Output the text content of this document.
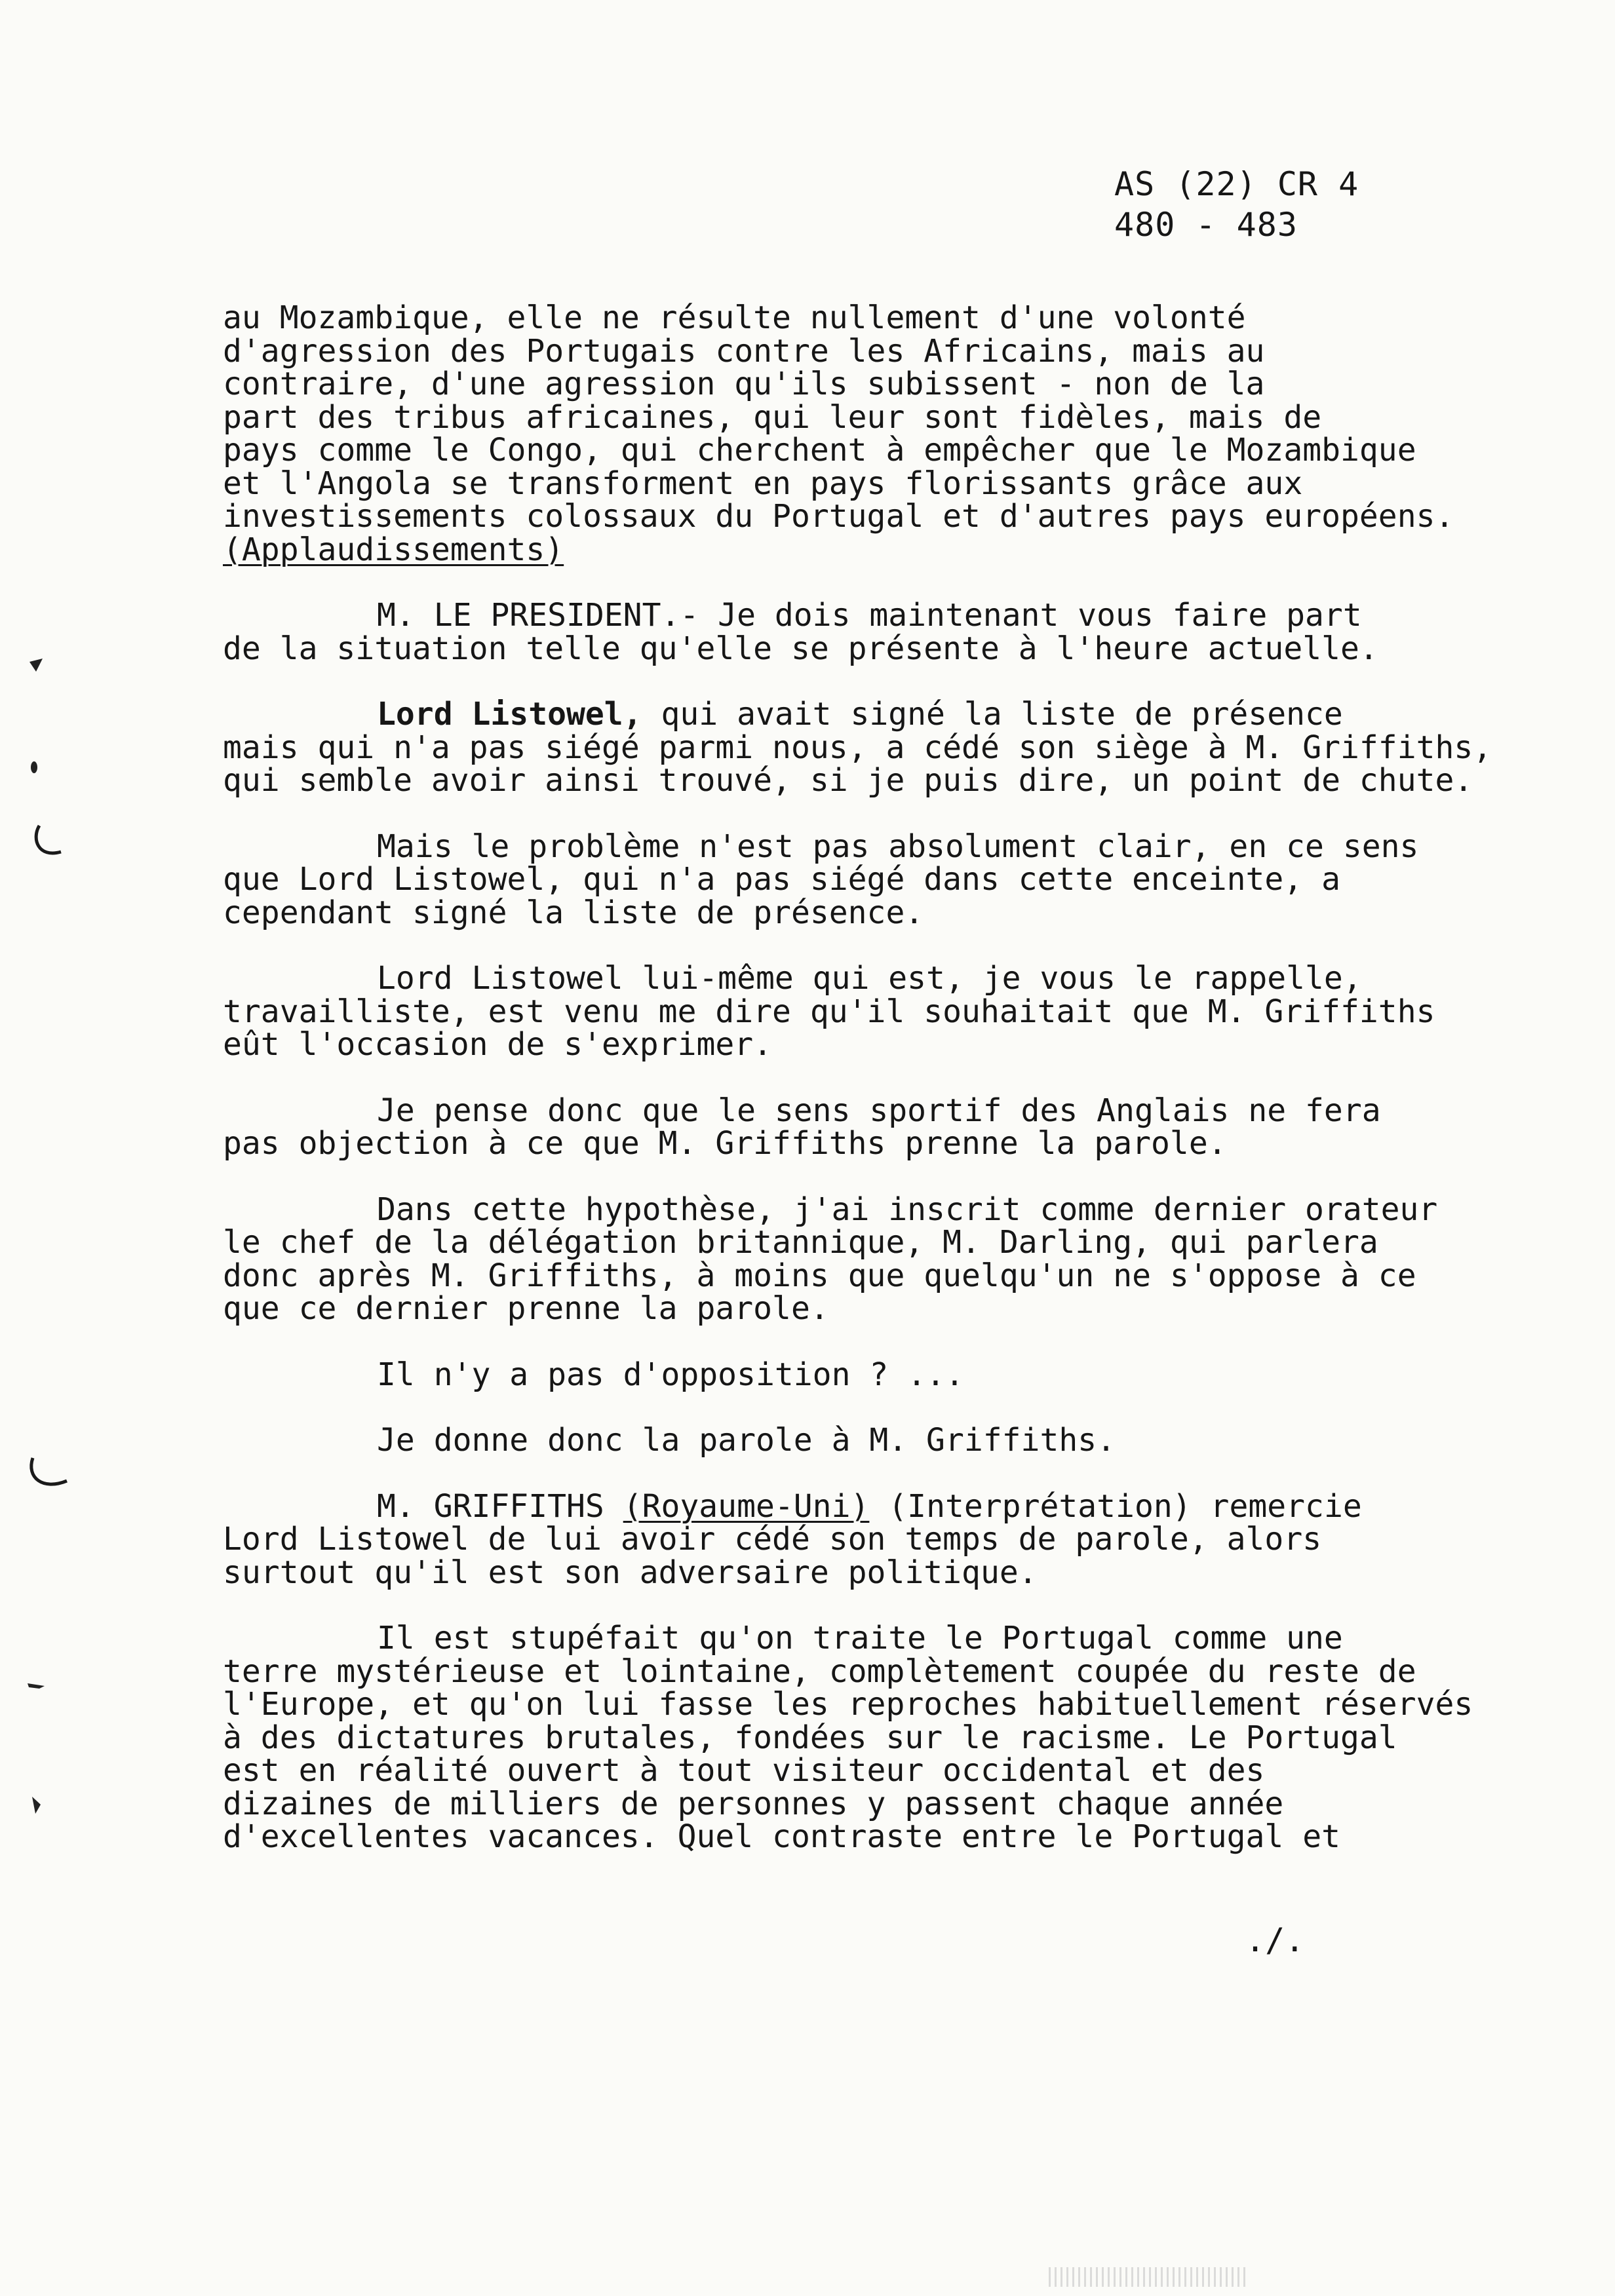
AS (22) CR 4
480 - 483
au Mozambique, elle ne résulte nullement d'une volonté
d'agression des Portugais contre les Africains, mais au
contraire, d'une agression qu'ils subissent - non de la
part des tribus africaines, qui leur sont fidèles, mais de
pays comme le Congo, qui cherchent à empêcher que le Mozambique
et l'Angola se transforment en pays florissants grâce aux
investissements colossaux du Portugal et d'autres pays européens.
(Applaudissements)
M. LE PRESIDENT.- Je dois maintenant vous faire part
de la situation telle qu'elle se présente à l'heure actuelle.
Lord Listowel, qui avait signé la liste de présence
mais qui n'a pas siégé parmi nous, a cédé son siège à M. Griffiths,
qui semble avoir ainsi trouvé, si je puis dire, un point de chute.
Mais le problème n'est pas absolument clair, en ce sens
que Lord Listowel, qui n'a pas siégé dans cette enceinte, a
cependant signé la liste de présence.
Lord Listowel lui-même qui est, je vous le rappelle,
travailliste, est venu me dire qu'il souhaitait que M. Griffiths
eût l'occasion de s'exprimer.
Je pense donc que le sens sportif des Anglais ne fera
pas objection à ce que M. Griffiths prenne la parole.
Dans cette hypothèse, j'ai inscrit comme dernier orateur
le chef de la délégation britannique, M. Darling, qui parlera
donc après M. Griffiths, à moins que quelqu'un ne s'oppose à ce
que ce dernier prenne la parole.
Il n'y a pas d'opposition ? ...
Je donne donc la parole à M. Griffiths.
M. GRIFFITHS (Royaume-Uni) (Interprétation) remercie
Lord Listowel de lui avoir cédé son temps de parole, alors
surtout qu'il est son adversaire politique.
Il est stupéfait qu'on traite le Portugal comme une
terre mystérieuse et lointaine, complètement coupée du reste de
l'Europe, et qu'on lui fasse les reproches habituellement réservés
à des dictatures brutales, fondées sur le racisme. Le Portugal
est en réalité ouvert à tout visiteur occidental et des
dizaines de milliers de personnes y passent chaque année
d'excellentes vacances. Quel contraste entre le Portugal et
./.
